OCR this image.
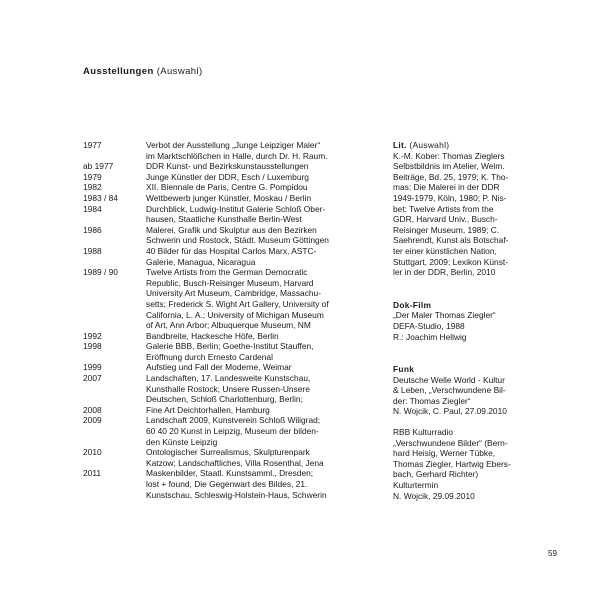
Ausstellungen (Auswahl)
1977	Verbot der Ausstellung „Junge Leipziger Maler“
im Marktschlößchen in Halle, durch Dr. H. Raum.
ab 1977	DDR Kunst- und Bezirkskunstausstellungen
1979	Junge Künstler der DDR, Esch / Luxemburg
1982	XII. Biennale de Paris, Centre G. Pompidou
1983 / 84	Wettbewerb junger Künstler, Moskau / Berlin
1984	Durchblick, Ludwig-Institut Galerie Schloß Ober-
hausen, Staatliche Kunsthalle Berlin-West
1986	Malerei, Grafik und Skulptur aus den Bezirken
Schwerin und Rostock, Städt. Museum Göttingen
1988	40 Bilder für das Hospital Carlos Marx, ASTC-
Galerie, Managua, Nicaragua
1989 / 90	Twelve Artists from the German Democratic
Republic, Busch-Reisinger Museum, Harvard
University Art Museum, Cambridge, Massachu-
setts; Frederick S. Wight Art Gallery, University of
California, L. A.; University of Michigan Museum
of Art, Ann Arbor; Albuquerque Museum, NM
1992	Bandbreite, Hackesche Höfe, Berlin
1998	Galerie BBB, Berlin; Goethe-Institut Stauffen,
Eröffnung durch Ernesto Cardenal
1999	Aufstieg und Fall der Moderne, Weimar
2007	Landschaften, 17. Landesweite Kunstschau,
Kunsthalle Rostock; Unsere Russen-Unsere
Deutschen, Schloß Charlottenburg, Berlin;
2008	Fine Art Deichtorhallen, Hamburg
2009	Landschaft 2009, Kunstverein Schloß Wiligrad;
60 40 20 Kunst in Leipzig, Museum der bilden-
den Künste Leipzig
2010	Ontologischer Surrealismus, Skulpturenpark
Katzow; Landschaftliches, Villa Rosenthal, Jena
2011	Maskenbilder, Staatl. Kunstsamml., Dresden;
lost + found, Die Gegenwart des Bildes, 21.
Kunstschau, Schleswig-Holstein-Haus, Schwerin
Lit. (Auswahl)
K.-M. Kober: Thomas Zieglers
Selbstbildnis im Atelier, Weim.
Beiträge, Bd. 25, 1979; K. Tho-
mas: Die Malerei in der DDR
1949-1979, Köln, 1980; P. Nis-
bet: Twelve Artists from the
GDR, Harvard Univ., Busch-
Reisinger Museum, 1989; C.
Saehrendt, Kunst als Botschaf-
ter einer künstlichen Nation,
Stuttgart, 2009; Lexikon Künst-
ler in der DDR, Berlin, 2010
Dok-Film
„Der Maler Thomas Ziegler“
DEFA-Studio, 1988
R.: Joachim Hellwig
Funk
Deutsche Welle World - Kultur
& Leben, „Verschwundene Bil-
der: Thomas Ziegler“
N. Wojcik, C. Paul, 27.09.2010
RBB Kulturradio
„Verschwundene Bilder“ (Bern-
hard Heisig, Werner Tübke,
Thomas Ziegler, Hartwig Ebers-
bach, Gerhard Richter)
Kulturtermin
N. Wojcik, 29.09.2010
59
